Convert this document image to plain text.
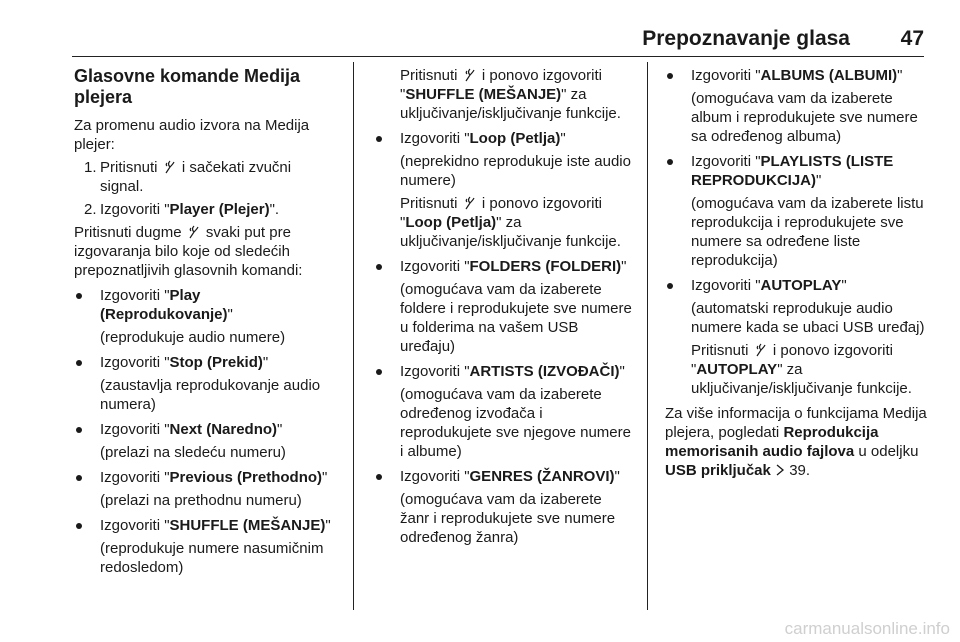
Prepoznavanje glasa 47
Glasovne komande Medija plejera

Za promenu audio izvora na Medija plejer:

1. Pritisnuti i sačekati zvučni signal.
2. Izgovoriti "Player (Plejer)".

Pritisnuti dugme svaki put pre izgovaranja bilo koje od sledećih prepoznatljivih glasovnih komandi:

Izgovoriti "Play (Reprodukovanje)"
(reprodukuje audio numere)
Izgovoriti "Stop (Prekid)"
(zaustavlja reprodukovanje audio numera)
Izgovoriti "Next (Naredno)"
(prelazi na sledeću numeru)
Izgovoriti "Previous (Prethodno)"
(prelazi na prethodnu numeru)
Izgovoriti "SHUFFLE (MEŠANJE)"
(reprodukuje numere nasumičnim redosledom)

Pritisnuti i ponovo izgovoriti "SHUFFLE (MEŠANJE)" za uključivanje/isključivanje funkcije.

Izgovoriti "Loop (Petlja)"
(neprekidno reprodukuje iste audio numere)
Pritisnuti i ponovo izgovoriti "Loop (Petlja)" za uključivanje/isključivanje funkcije.
Izgovoriti "FOLDERS (FOLDERI)"
(omogućava vam da izaberete foldere i reprodukujete sve numere u folderima na vašem USB uređaju)
Izgovoriti "ARTISTS (IZVOĐAČI)"
(omogućava vam da izaberete određenog izvođača i reprodukujete sve njegove numere i albume)
Izgovoriti "GENRES (ŽANROVI)"
(omogućava vam da izaberete žanr i reprodukujete sve numere određenog žanra)
Izgovoriti "ALBUMS (ALBUMI)"
(omogućava vam da izaberete album i reprodukujete sve numere sa određenog albuma)
Izgovoriti "PLAYLISTS (LISTE REPRODUKCIJA)"
(omogućava vam da izaberete listu reprodukcija i reprodukujete sve numere sa određene liste reprodukcija)
Izgovoriti "AUTOPLAY"
(automatski reprodukuje audio numere kada se ubaci USB uređaj)
Pritisnuti i ponovo izgovoriti "AUTOPLAY" za uključivanje/isključivanje funkcije.

Za više informacija o funkcijama Medija plejera, pogledati Reprodukcija memorisanih audio fajlova u odeljku USB priključak 39.

carmanualsonline.info
